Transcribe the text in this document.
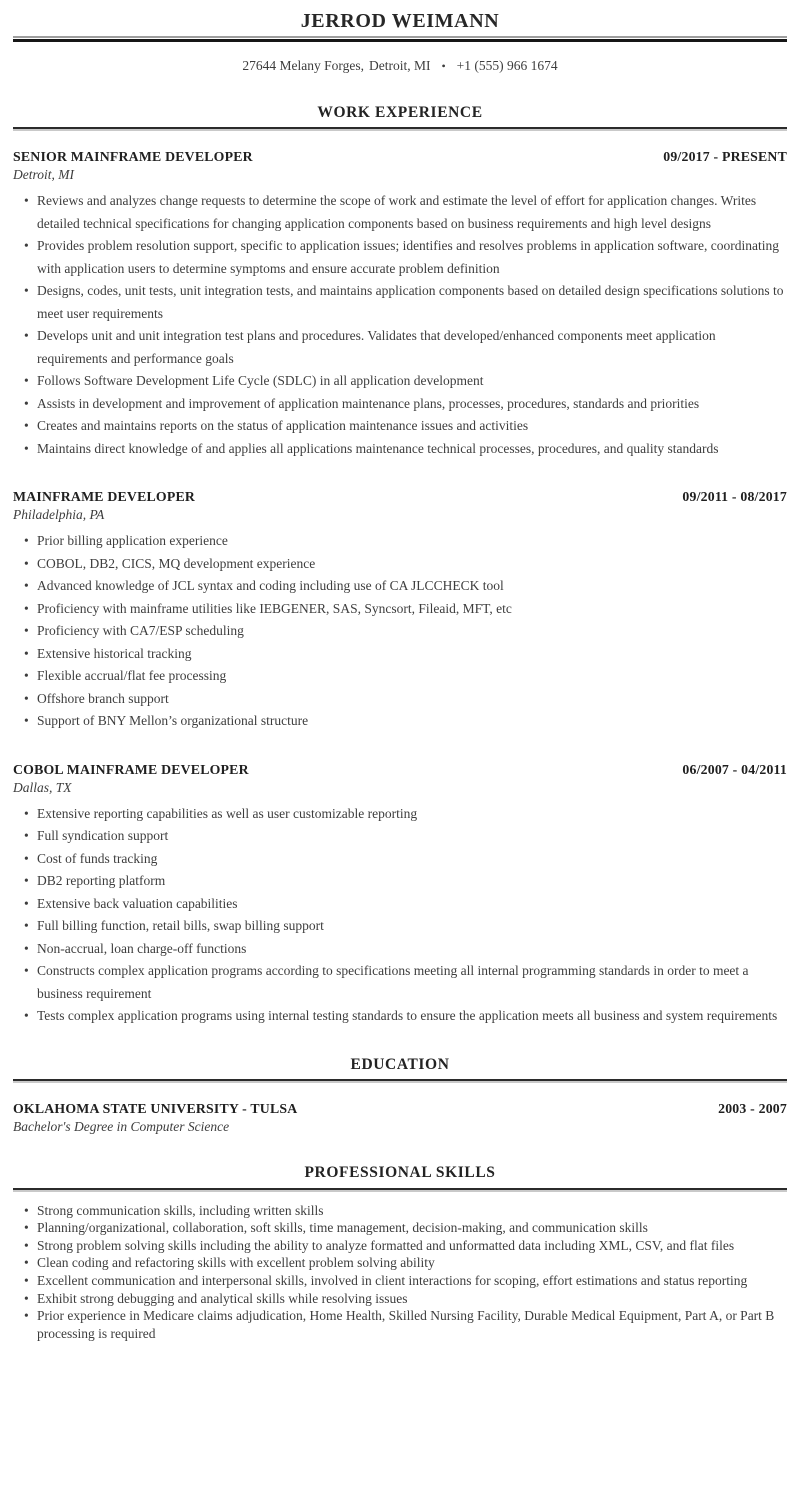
JERROD WEIMANN
27644 Melany Forges, Detroit, MI • +1 (555) 966 1674
WORK EXPERIENCE
SENIOR MAINFRAME DEVELOPER	09/2017 - PRESENT
Detroit, MI
• Reviews and analyzes change requests to determine the scope of work and estimate the level of effort for application changes. Writes detailed technical specifications for changing application components based on business requirements and high level designs
• Provides problem resolution support, specific to application issues; identifies and resolves problems in application software, coordinating with application users to determine symptoms and ensure accurate problem definition
• Designs, codes, unit tests, unit integration tests, and maintains application components based on detailed design specifications solutions to meet user requirements
• Develops unit and unit integration test plans and procedures. Validates that developed/enhanced components meet application requirements and performance goals
• Follows Software Development Life Cycle (SDLC) in all application development
• Assists in development and improvement of application maintenance plans, processes, procedures, standards and priorities
• Creates and maintains reports on the status of application maintenance issues and activities
• Maintains direct knowledge of and applies all applications maintenance technical processes, procedures, and quality standards
MAINFRAME DEVELOPER	09/2011 - 08/2017
Philadelphia, PA
• Prior billing application experience
• COBOL, DB2, CICS, MQ development experience
• Advanced knowledge of JCL syntax and coding including use of CA JLCCHECK tool
• Proficiency with mainframe utilities like IEBGENER, SAS, Syncsort, Fileaid, MFT, etc
• Proficiency with CA7/ESP scheduling
• Extensive historical tracking
• Flexible accrual/flat fee processing
• Offshore branch support
• Support of BNY Mellon’s organizational structure
COBOL MAINFRAME DEVELOPER	06/2007 - 04/2011
Dallas, TX
• Extensive reporting capabilities as well as user customizable reporting
• Full syndication support
• Cost of funds tracking
• DB2 reporting platform
• Extensive back valuation capabilities
• Full billing function, retail bills, swap billing support
• Non-accrual, loan charge-off functions
• Constructs complex application programs according to specifications meeting all internal programming standards in order to meet a business requirement
• Tests complex application programs using internal testing standards to ensure the application meets all business and system requirements
EDUCATION
OKLAHOMA STATE UNIVERSITY - TULSA	2003 - 2007
Bachelor's Degree in Computer Science
PROFESSIONAL SKILLS
• Strong communication skills, including written skills
• Planning/organizational, collaboration, soft skills, time management, decision-making, and communication skills
• Strong problem solving skills including the ability to analyze formatted and unformatted data including XML, CSV, and flat files
• Clean coding and refactoring skills with excellent problem solving ability
• Excellent communication and interpersonal skills, involved in client interactions for scoping, effort estimations and status reporting
• Exhibit strong debugging and analytical skills while resolving issues
• Prior experience in Medicare claims adjudication, Home Health, Skilled Nursing Facility, Durable Medical Equipment, Part A, or Part B processing is required
